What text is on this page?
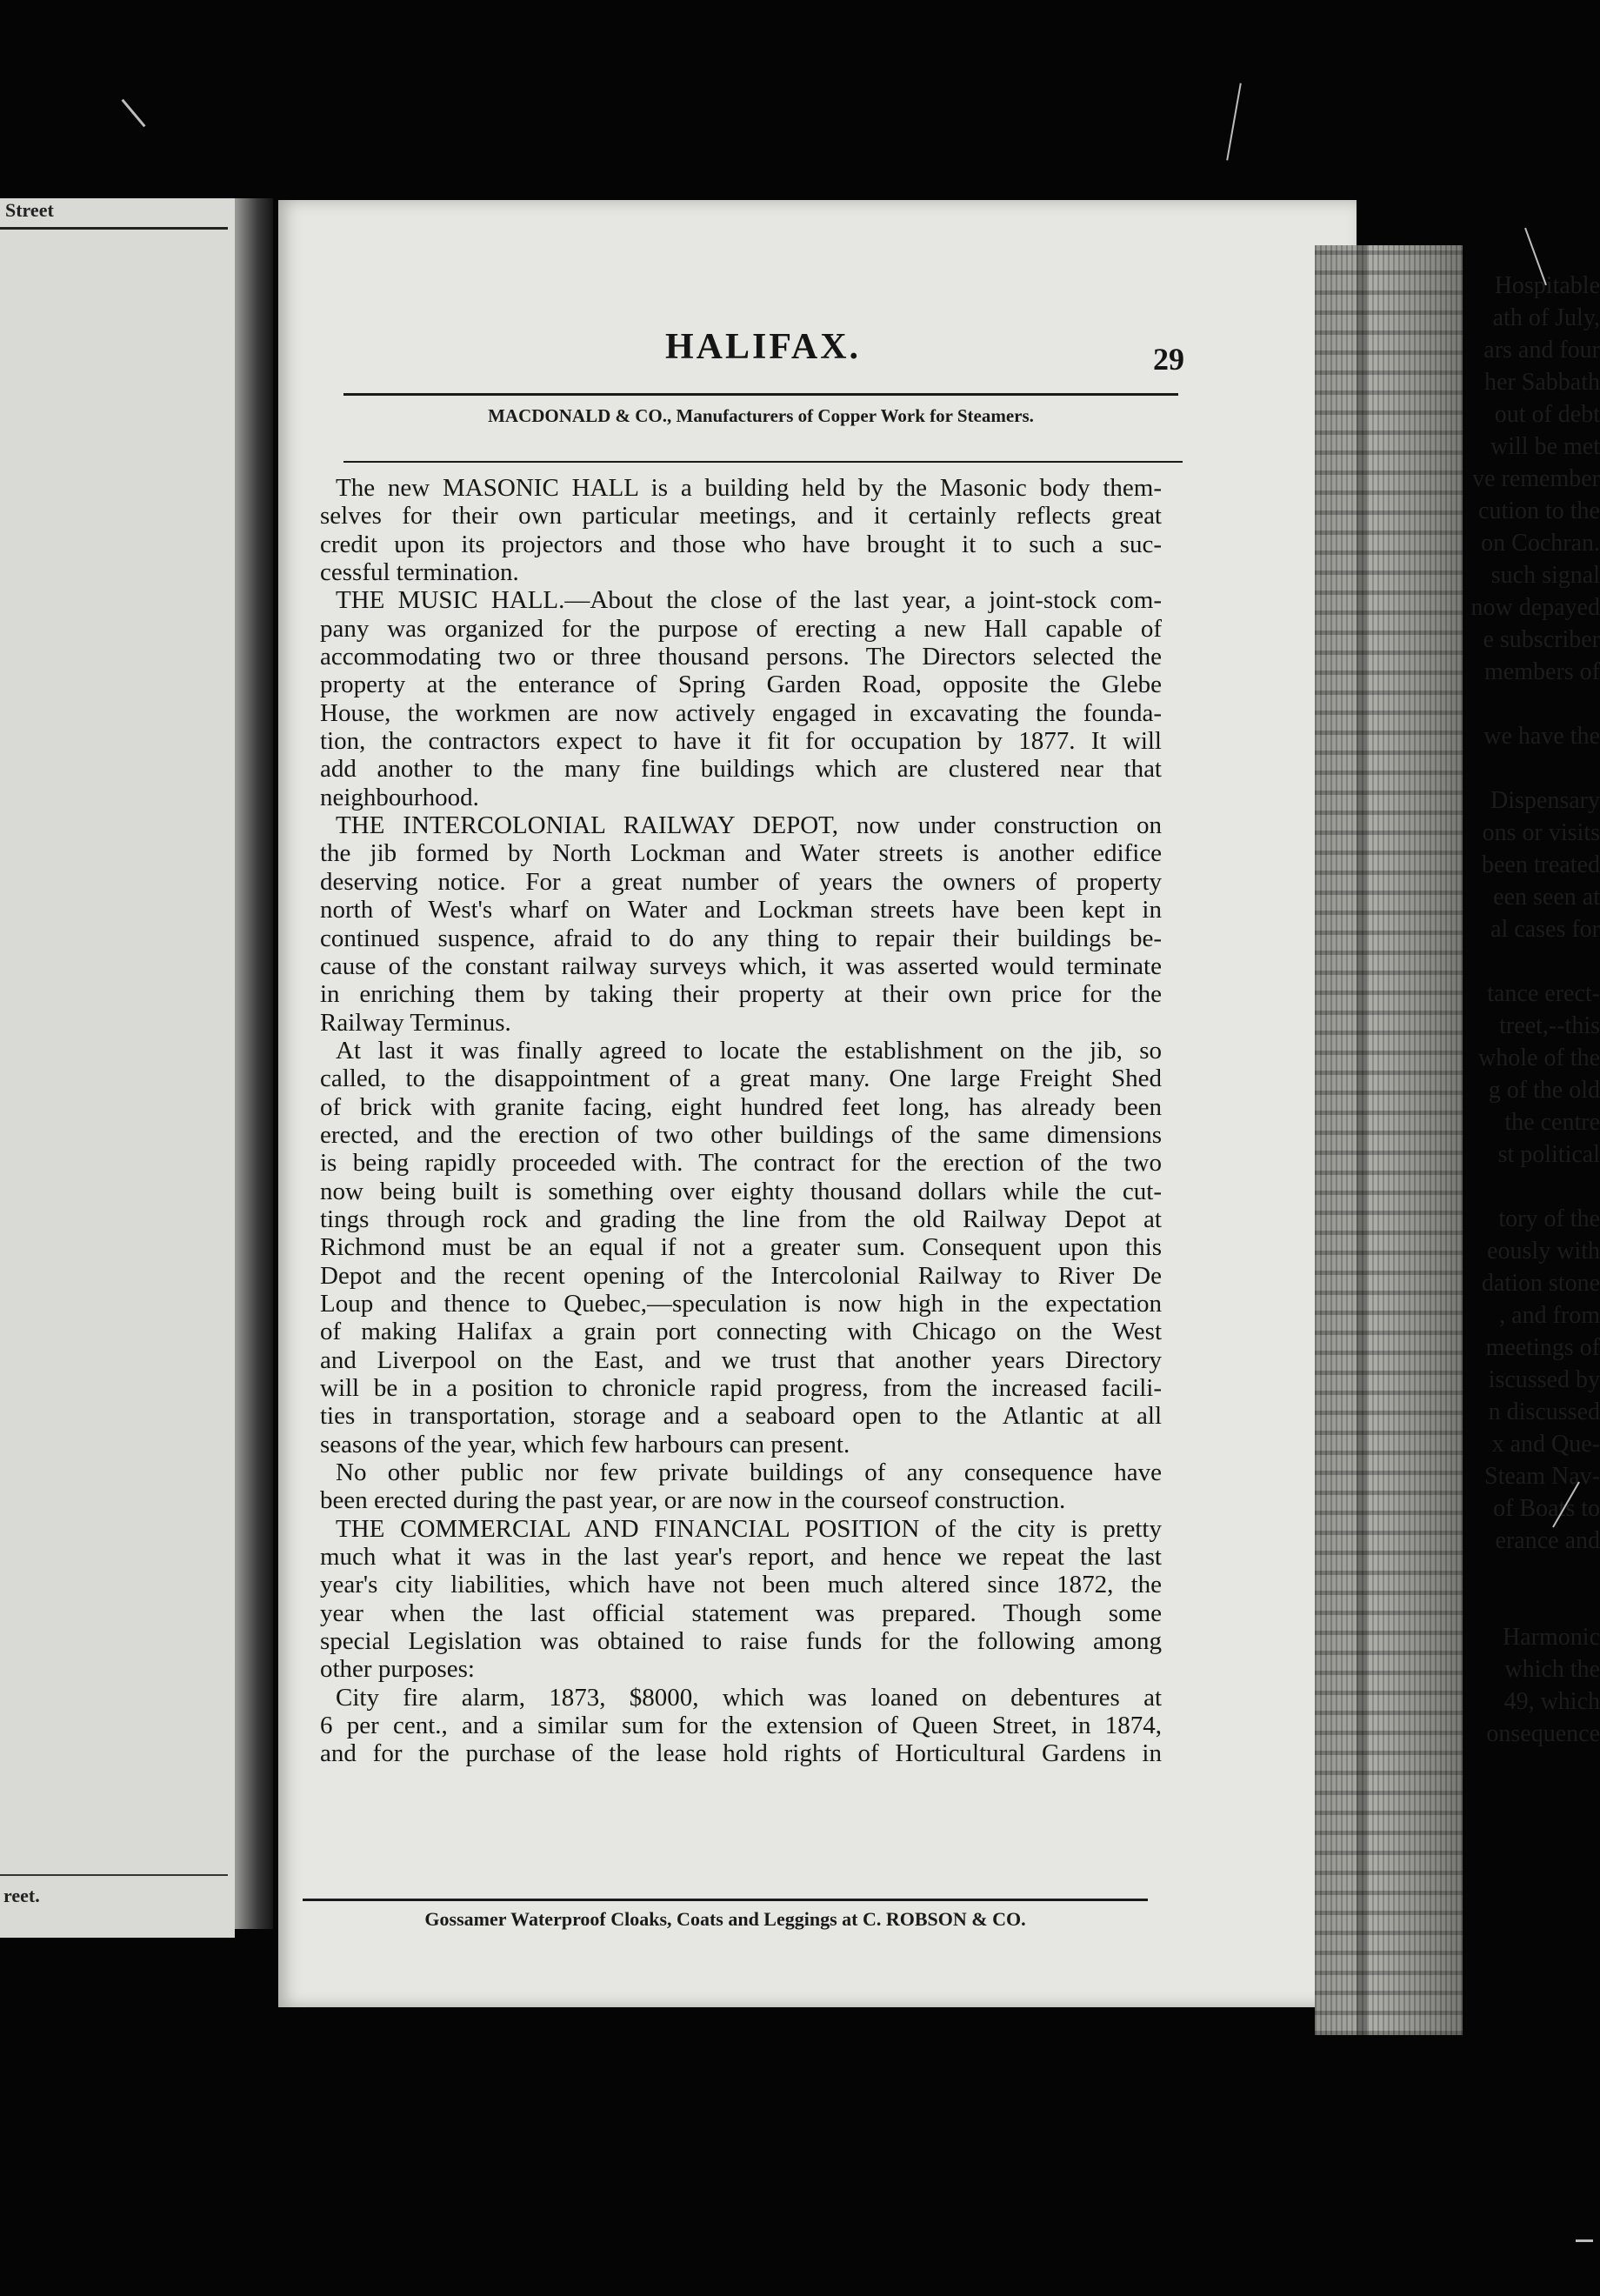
Street
Hospitable
ath of July,
ars and four
her Sabbath
out of debt
will be met
ve remember
cution to the
on Cochran.
such signal
now depayed
e subscriber
members of
we have the
Dispensary
ons or visits
been treated
een seen at
al cases for
tance erect-
treet,--this
whole of the
g of the old
the centre
st political
tory of the
eously with
dation stone
, and from
meetings of
iscussed by
n discussed
x and Que-
Steam Nav-
of Boats to
erance and
Harmonic
which the
49, which
onsequence
reet.
HALIFAX.	29
MACDONALD & CO., Manufacturers of Copper Work for Steamers.
The new MASONIC HALL is a building held by the Masonic body them-
selves for their own particular meetings, and it certainly reflects great
credit upon its projectors and those who have brought it to such a suc-
cessful termination.
THE MUSIC HALL.—About the close of the last year, a joint-stock com-
pany was organized for the purpose of erecting a new Hall capable of
accommodating two or three thousand persons. The Directors selected the
property at the enterance of Spring Garden Road, opposite the Glebe
House, the workmen are now actively engaged in excavating the founda-
tion, the contractors expect to have it fit for occupation by 1877. It will
add another to the many fine buildings which are clustered near that
neighbourhood.
THE INTERCOLONIAL RAILWAY DEPOT, now under construction on
the jib formed by North Lockman and Water streets is another edifice
deserving notice. For a great number of years the owners of property
north of West's wharf on Water and Lockman streets have been kept in
continued suspence, afraid to do any thing to repair their buildings be-
cause of the constant railway surveys which, it was asserted would terminate
in enriching them by taking their property at their own price for the
Railway Terminus.
At last it was finally agreed to locate the establishment on the jib, so
called, to the disappointment of a great many. One large Freight Shed
of brick with granite facing, eight hundred feet long, has already been
erected, and the erection of two other buildings of the same dimensions
is being rapidly proceeded with. The contract for the erection of the two
now being built is something over eighty thousand dollars while the cut-
tings through rock and grading the line from the old Railway Depot at
Richmond must be an equal if not a greater sum. Consequent upon this
Depot and the recent opening of the Intercolonial Railway to River De
Loup and thence to Quebec,—speculation is now high in the expectation
of making Halifax a grain port connecting with Chicago on the West
and Liverpool on the East, and we trust that another years Directory
will be in a position to chronicle rapid progress, from the increased facili-
ties in transportation, storage and a seaboard open to the Atlantic at all
seasons of the year, which few harbours can present.
No other public nor few private buildings of any consequence have
been erected during the past year, or are now in the courseof construction.
THE COMMERCIAL AND FINANCIAL POSITION of the city is pretty
much what it was in the last year's report, and hence we repeat the last
year's city liabilities, which have not been much altered since 1872, the
year when the last official statement was prepared. Though some
special Legislation was obtained to raise funds for the following among
other purposes:
City fire alarm, 1873, $8000, which was loaned on debentures at
6 per cent., and a similar sum for the extension of Queen Street, in 1874,
and for the purchase of the lease hold rights of Horticultural Gardens in
Gossamer Waterproof Cloaks, Coats and Leggings at C. ROBSON & CO.
